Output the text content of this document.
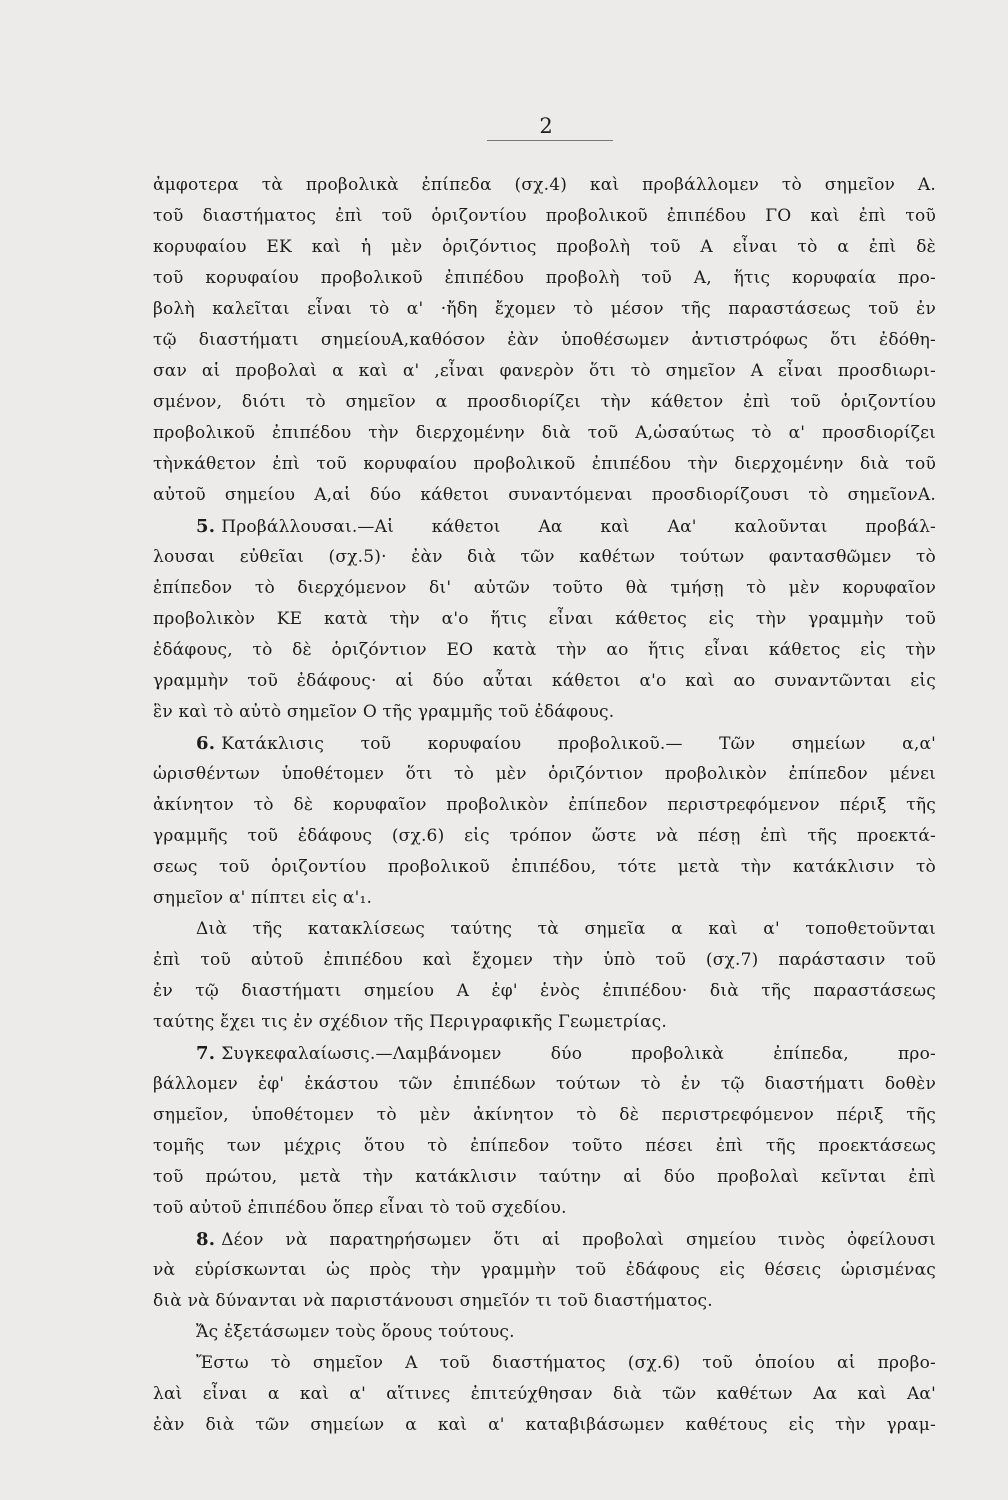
2
ἀμφοτερα τὰ προβολικὰ ἐπίπεδα (σχ.4) καὶ προβάλλομεν τὸ σημεῖον Α.
τοῦ διαστήματος ἐπὶ τοῦ ὁριζοντίου προβολικοῦ ἐπιπέδου ΓΟ καὶ ἐπὶ τοῦ
κορυφαίου ΕΚ καὶ ἡ μὲν ὁριζόντιος προβολὴ τοῦ Α εἶναι τὸ α ἐπὶ δὲ
τοῦ κορυφαίου προβολικοῦ ἐπιπέδου προβολὴ τοῦ Α, ἥτις κορυφαία προ-
βολὴ καλεῖται εἶναι τὸ α' ·ἤδη ἔχομεν τὸ μέσον τῆς παραστάσεως τοῦ ἐν
τῷ διαστήματι σημείουΑ,καθόσον ἐὰν ὑποθέσωμεν ἀντιστρόφως ὅτι ἐδόθη-
σαν αἱ προβολαὶ α καὶ α' ,εἶναι φανερὸν ὅτι τὸ σημεῖον Α εἶναι προσδιωρι-
σμένον, διότι τὸ σημεῖον α προσδιορίζει τὴν κάθετον ἐπὶ τοῦ ὁριζοντίου
προβολικοῦ ἐπιπέδου τὴν διερχομένην διὰ τοῦ Α,ὡσαύτως τὸ α' προσδιορίζει
τὴνκάθετον ἐπὶ τοῦ κορυφαίου προβολικοῦ ἐπιπέδου τὴν διερχομένην διὰ τοῦ
αὐτοῦ σημείου Α,αἱ δύο κάθετοι συναντόμεναι προσδιορίζουσι τὸ σημεῖονΑ.
5. Προβάλλουσαι.—Αἱ κάθετοι Αα καὶ Αα' καλοῦνται προβάλ-
λουσαι εὐθεῖαι (σχ.5)· ἐὰν διὰ τῶν καθέτων τούτων φαντασθῶμεν τὸ
ἐπίπεδον τὸ διερχόμενον δι' αὐτῶν τοῦτο θὰ τμήσῃ τὸ μὲν κορυφαῖον
προβολικὸν ΚΕ κατὰ τὴν α'ο ἥτις εἶναι κάθετος εἰς τὴν γραμμὴν τοῦ
ἐδάφους, τὸ δὲ ὁριζόντιον ΕΟ κατὰ τὴν αο ἥτις εἶναι κάθετος εἰς τὴν
γραμμὴν τοῦ ἐδάφους· αἱ δύο αὗται κάθετοι α'ο καὶ αο συναντῶνται εἰς
ἓν καὶ τὸ αὐτὸ σημεῖον Ο τῆς γραμμῆς τοῦ ἐδάφους.
6. Κατάκλισις τοῦ κορυφαίου προβολικοῦ.— Τῶν σημείων α,α'
ὡρισθέντων ὑποθέτομεν ὅτι τὸ μὲν ὁριζόντιον προβολικὸν ἐπίπεδον μένει
ἀκίνητον τὸ δὲ κορυφαῖον προβολικὸν ἐπίπεδον περιστρεφόμενον πέριξ τῆς
γραμμῆς τοῦ ἐδάφους (σχ.6) εἰς τρόπον ὥστε νὰ πέσῃ ἐπὶ τῆς προεκτά-
σεως τοῦ ὁριζοντίου προβολικοῦ ἐπιπέδου, τότε μετὰ τὴν κατάκλισιν τὸ
σημεῖον α' πίπτει εἰς α'₁.
Διὰ τῆς κατακλίσεως ταύτης τὰ σημεῖα α καὶ α' τοποθετοῦνται
ἐπὶ τοῦ αὐτοῦ ἐπιπέδου καὶ ἔχομεν τὴν ὑπὸ τοῦ (σχ.7) παράστασιν τοῦ
ἐν τῷ διαστήματι σημείου Α ἐφ' ἑνὸς ἐπιπέδου· διὰ τῆς παραστάσεως
ταύτης ἔχει τις ἐν σχέδιον τῆς Περιγραφικῆς Γεωμετρίας.
7. Συγκεφαλαίωσις.—Λαμβάνομεν δύο προβολικὰ ἐπίπεδα, προ-
βάλλομεν ἐφ' ἑκάστου τῶν ἐπιπέδων τούτων τὸ ἐν τῷ διαστήματι δοθὲν
σημεῖον, ὑποθέτομεν τὸ μὲν ἀκίνητον τὸ δὲ περιστρεφόμενον πέριξ τῆς
τομῆς των μέχρις ὅτου τὸ ἐπίπεδον τοῦτο πέσει ἐπὶ τῆς προεκτάσεως
τοῦ πρώτου, μετὰ τὴν κατάκλισιν ταύτην αἱ δύο προβολαὶ κεῖνται ἐπὶ
τοῦ αὐτοῦ ἐπιπέδου ὅπερ εἶναι τὸ τοῦ σχεδίου.
8. Δέον νὰ παρατηρήσωμεν ὅτι αἱ προβολαὶ σημείου τινὸς ὀφείλουσι
νὰ εὑρίσκωνται ὡς πρὸς τὴν γραμμὴν τοῦ ἐδάφους εἰς θέσεις ὡρισμένας
διὰ νὰ δύνανται νὰ παριστάνουσι σημεῖόν τι τοῦ διαστήματος.
Ἄς ἐξετάσωμεν τοὺς ὅρους τούτους.
Ἔστω τὸ σημεῖον Α τοῦ διαστήματος (σχ.6) τοῦ ὁποίου αἱ προβο-
λαὶ εἶναι α καὶ α' αἵτινες ἐπιτεύχθησαν διὰ τῶν καθέτων Αα καὶ Αα'
ἐὰν διὰ τῶν σημείων α καὶ α' καταβιβάσωμεν καθέτους εἰς τὴν γραμ-
